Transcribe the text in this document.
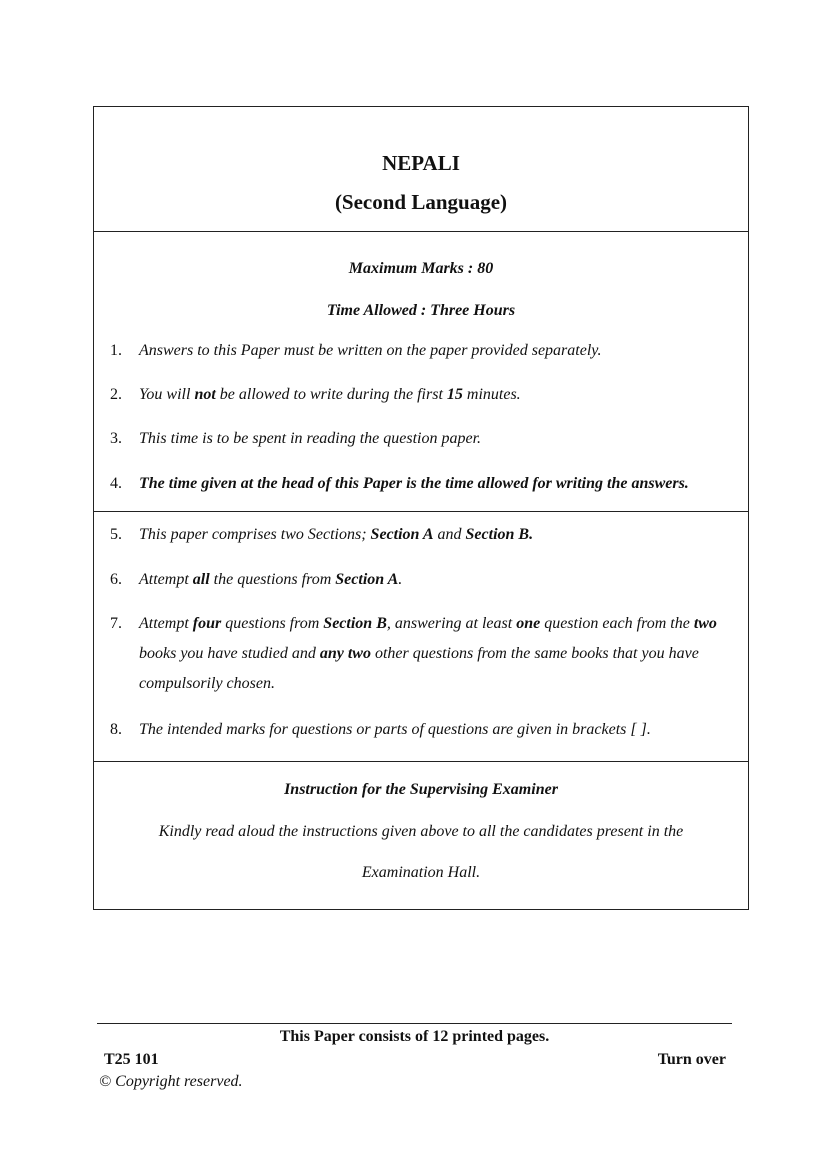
NEPALI
(Second Language)
Maximum Marks : 80
Time Allowed : Three Hours
1. Answers to this Paper must be written on the paper provided separately.
2. You will not be allowed to write during the first 15 minutes.
3. This time is to be spent in reading the question paper.
4. The time given at the head of this Paper is the time allowed for writing the answers.
5. This paper comprises two Sections; Section A and Section B.
6. Attempt all the questions from Section A.
7. Attempt four questions from Section B, answering at least one question each from the two books you have studied and any two other questions from the same books that you have compulsorily chosen.
8. The intended marks for questions or parts of questions are given in brackets [ ].
Instruction for the Supervising Examiner
Kindly read aloud the instructions given above to all the candidates present in the
Examination Hall.
This Paper consists of 12 printed pages.
T25 101	Turn over
© Copyright reserved.
